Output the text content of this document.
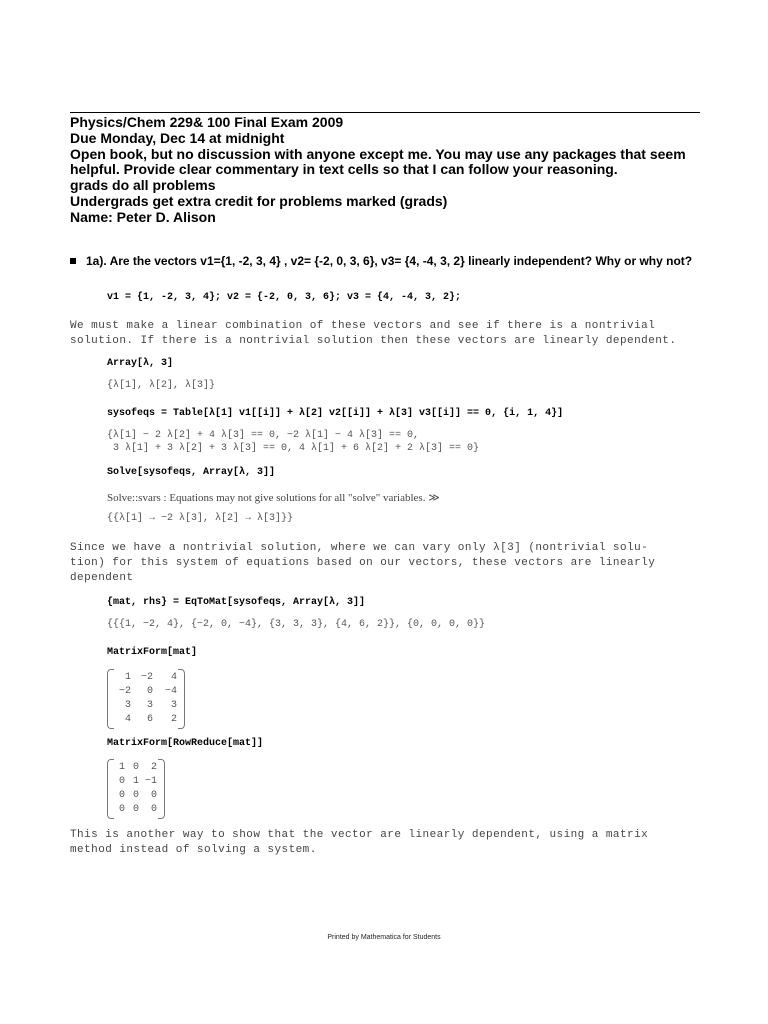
Physics/Chem 229& 100 Final Exam 2009
Due Monday, Dec 14 at midnight
Open book, but no discussion with anyone except me. You may use any packages that seem
helpful. Provide clear commentary in text cells so that I can follow your reasoning.
grads do all problems
Undergrads get extra credit for problems marked (grads)
Name: Peter D. Alison
1a). Are the vectors v1={1, -2, 3, 4} , v2= {-2, 0, 3, 6}, v3= {4, -4, 3, 2} linearly independent? Why or why not?
v1 = {1, -2, 3, 4}; v2 = {-2, 0, 3, 6}; v3 = {4, -4, 3, 2};
We must make a linear combination of these vectors and see if there is a nontrivial
solution. If there is a nontrivial solution then these vectors are linearly dependent.
Array[λ, 3]
{λ[1], λ[2], λ[3]}
sysofeqs = Table[λ[1] v1[[i]] + λ[2] v2[[i]] + λ[3] v3[[i]] == 0, {i, 1, 4}]
{λ[1] − 2 λ[2] + 4 λ[3] == 0, −2 λ[1] − 4 λ[3] == 0,
3 λ[1] + 3 λ[2] + 3 λ[3] == 0, 4 λ[1] + 6 λ[2] + 2 λ[3] == 0}
Solve[sysofeqs, Array[λ, 3]]
Solve::svars : Equations may not give solutions for all "solve" variables. ≫
{{λ[1] → −2 λ[3], λ[2] → λ[3]}}
Since we have a nontrivial solution, where we can vary only λ[3] (nontrivial solu-
tion) for this system of equations based on our vectors, these vectors are linearly
dependent
{mat, rhs} = EqToMat[sysofeqs, Array[λ, 3]]
{{{1, −2, 4}, {−2, 0, −4}, {3, 3, 3}, {4, 6, 2}}, {0, 0, 0, 0}}
MatrixForm[mat]
1 −2	4
−2	0	−4
3	3	3
4	6	2
MatrixForm[RowReduce[mat]]
1 0	2
0 1 −1
0 0	0
0 0	0
This is another way to show that the vector are linearly dependent, using a matrix
method instead of solving a system.
Printed by Mathematica for Students
